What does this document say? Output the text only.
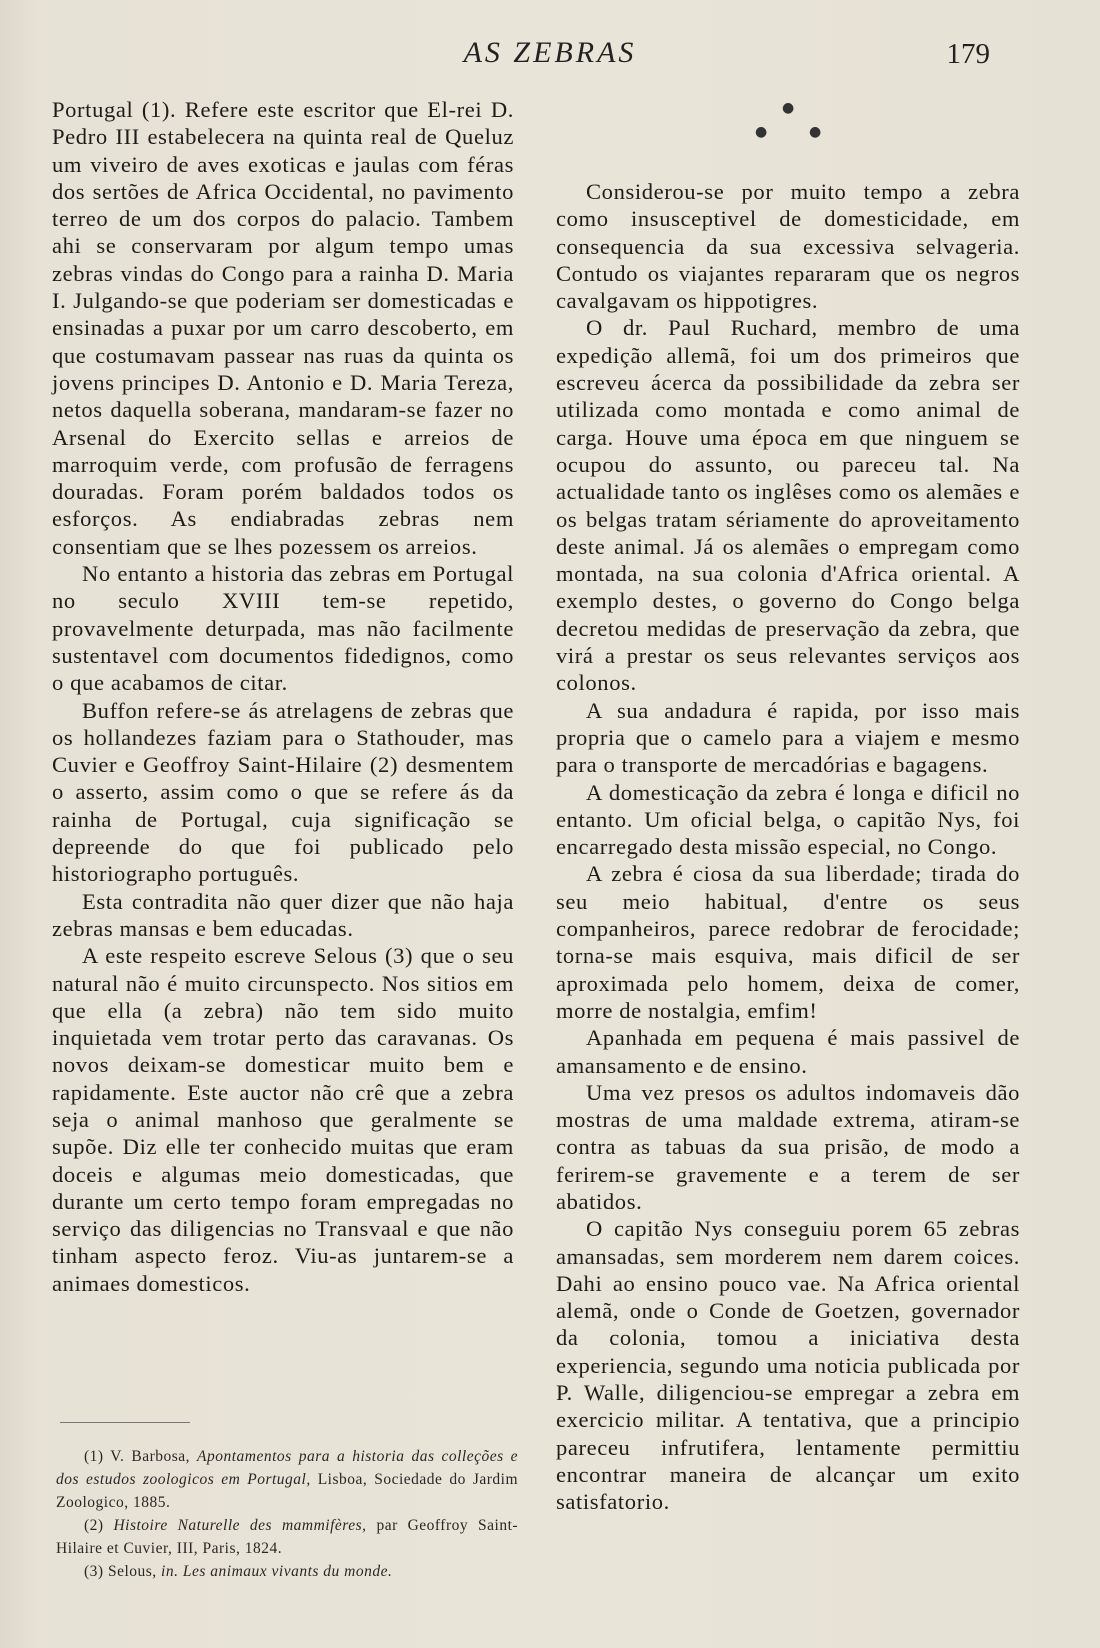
AS ZEBRAS	179

Portugal (1). Refere este escritor que El-rei D. Pedro III estabelecera na quinta real de Queluz um viveiro de aves exoticas e jaulas com féras dos sertões de Africa Occidental, no pavimento terreo de um dos corpos do palacio. Tambem ahi se conservaram por algum tempo umas zebras vindas do Congo para a rainha D. Maria I. Julgando-se que poderiam ser domesticadas e ensinadas a puxar por um carro descoberto, em que costumavam passear nas ruas da quinta os jovens principes D. Antonio e D. Maria Tereza, netos daquella soberana, mandaram-se fazer no Arsenal do Exercito sellas e arreios de marroquim verde, com profusão de ferragens douradas. Foram porém baldados todos os esforços. As endiabradas zebras nem consentiam que se lhes pozessem os arreios.

No entanto a historia das zebras em Portugal no seculo XVIII tem-se repetido, provavelmente deturpada, mas não facilmente sustentavel com documentos fidedignos, como o que acabamos de citar.

Buffon refere-se ás atrelagens de zebras que os hollandezes faziam para o Stathouder, mas Cuvier e Geoffroy Saint-Hilaire (2) desmentem o asserto, assim como o que se refere ás da rainha de Portugal, cuja significação se depreende do que foi publicado pelo historiographo português.

Esta contradita não quer dizer que não haja zebras mansas e bem educadas.

A este respeito escreve Selous (3) que o seu natural não é muito circunspecto. Nos sitios em que ella (a zebra) não tem sido muito inquietada vem trotar perto das caravanas. Os novos deixam-se domesticar muito bem e rapidamente. Este auctor não crê que a zebra seja o animal manhoso que geralmente se supõe. Diz elle ter conhecido muitas que eram doceis e algumas meio domesticadas, que durante um certo tempo foram empregadas no serviço das diligencias no Transvaal e que não tinham aspecto feroz. Viu-as juntarem-se a animaes domesticos.

●
●	●

Considerou-se por muito tempo a zebra como insusceptivel de domesticidade, em consequencia da sua excessiva selvageria. Contudo os viajantes repararam que os negros cavalgavam os hippotigres.

O dr. Paul Ruchard, membro de uma expedição allemã, foi um dos primeiros que escreveu ácerca da possibilidade da zebra ser utilizada como montada e como animal de carga. Houve uma época em que ninguem se ocupou do assunto, ou pareceu tal. Na actualidade tanto os inglêses como os alemães e os belgas tratam sériamente do aproveitamento deste animal. Já os alemães o empregam como montada, na sua colonia d'Africa oriental. A exemplo destes, o governo do Congo belga decretou medidas de preservação da zebra, que virá a prestar os seus relevantes serviços aos colonos.

A sua andadura é rapida, por isso mais propria que o camelo para a viajem e mesmo para o transporte de mercadórias e bagagens.

A domesticação da zebra é longa e dificil no entanto. Um oficial belga, o capitão Nys, foi encarregado desta missão especial, no Congo.

A zebra é ciosa da sua liberdade; tirada do seu meio habitual, d'entre os seus companheiros, parece redobrar de ferocidade; torna-se mais esquiva, mais dificil de ser aproximada pelo homem, deixa de comer, morre de nostalgia, emfim!

Apanhada em pequena é mais passivel de amansamento e de ensino.

Uma vez presos os adultos indomaveis dão mostras de uma maldade extrema, atiram-se contra as tabuas da sua prisão, de modo a ferirem-se gravemente e a terem de ser abatidos.

O capitão Nys conseguiu porem 65 zebras amansadas, sem morderem nem darem coices. Dahi ao ensino pouco vae. Na Africa oriental alemã, onde o Conde de Goetzen, governador da colonia, tomou a iniciativa desta experiencia, segundo uma noticia publicada por P. Walle, diligenciou-se empregar a zebra em exercicio militar. A tentativa, que a principio pareceu infrutifera, lentamente permittiu encontrar maneira de alcançar um exito satisfatorio.

(1) V. Barbosa, Apontamentos para a historia das colleções e dos estudos zoologicos em Portugal, Lisboa, Sociedade do Jardim Zoologico, 1885.

(2) Histoire Naturelle des mammifères, par Geoffroy Saint-Hilaire et Cuvier, III, Paris, 1824.

(3) Selous, in. Les animaux vivants du monde.
